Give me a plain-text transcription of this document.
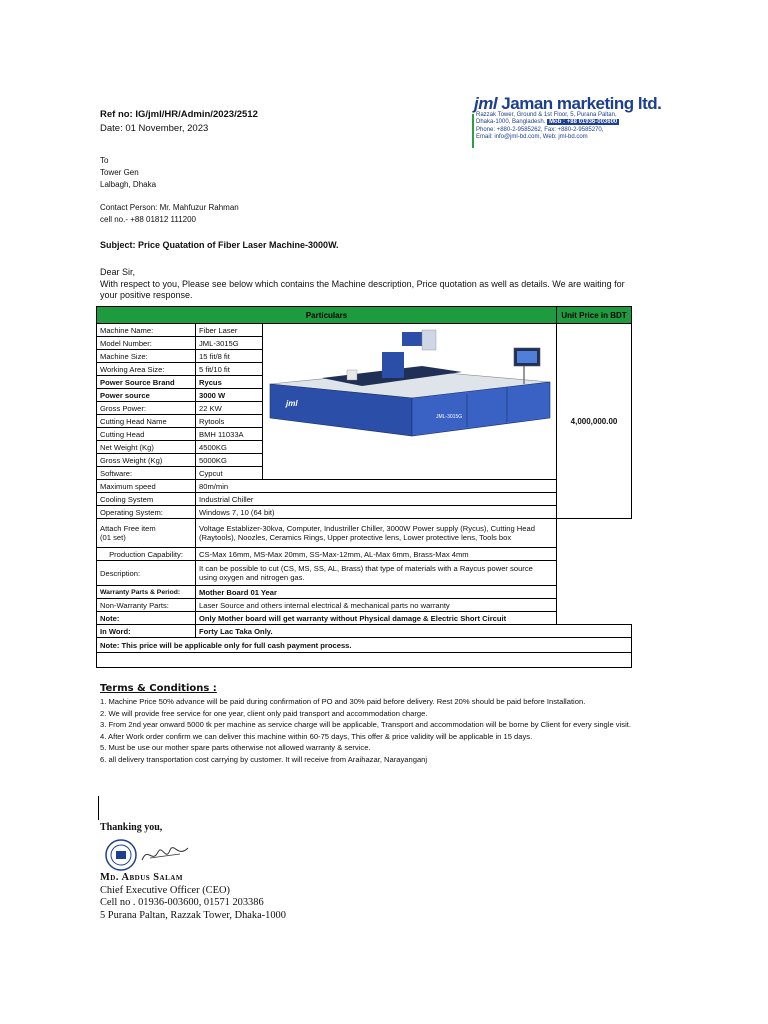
Ref no: IG/jml/HR/Admin/2023/2512
Date: 01 November, 2023
jml Jaman marketing ltd.
Razzak Tower, Ground & 1st Floor, 5, Purana Paltan,
Dhaka-1000, Bangladesh. Mob : +88 01936-003600
Phone: +880-2-9585262, Fax: +880-2-9585270,
Email: info@jml-bd.com, Web: jml-bd.com
To
Tower Gen
Lalbagh, Dhaka
Contact Person: Mr. Mahfuzur Rahman
cell no.- +88 01812 111200
Subject: Price Quatation of Fiber Laser Machine-3000W.
Dear Sir,
With respect to you, Please see below which contains the Machine description, Price quotation as well as details. We are waiting for your positive response.
Particulars			Unit Price in BDT
Machine Name:	Fiber Laser		4,000,000.00
Model Number:	JML-3015G		
Machine Size:	15 fit/8 fit		
Working Area Size:	5 fit/10 fit		
Power Source Brand	Rycus		
Power source	3000 W		
Gross Power:	22 KW		
Cutting Head Name	Rytools		
Cutting Head	BMH 11033A		
Net Weight (Kg)	4500KG		
Gross Weight (Kg)	5000KG		
Software:	Cypcut		
Maximum speed	80m/min		
Cooling System	Industrial Chiller		
Operating System:	Windows 7, 10 (64 bit)		
Attach Free item
(01 set)	Voltage Establizer-30kva, Computer, Industriller Chiller, 3000W Power supply (Rycus), Cutting Head (Raytools), Noozles, Ceramics Rings, Upper protective lens, Lower protective lens, Tools box		
Production Capability:	CS-Max 16mm, MS-Max 20mm, SS-Max-12mm, AL-Max 6mm, Brass-Max 4mm		
Description:	It can be possible to cut (CS, MS, SS, AL, Brass) that type of materials with a Raycus power source using oxygen and nitrogen gas.		
Warranty Parts & Period:	Mother Board 01 Year		
Non-Warranty Parts:	Laser Source and others internal electrical & mechanical parts no warranty		
Note:	Only Mother board will get warranty without Physical damage & Electric Short Circuit		
In Word:	Forty Lac Taka Only.		
Note: This price will be applicable only for full cash payment process.			

jml
JML-3015G
Terms & Conditions :

1. Machine Price 50% advance will be paid during confirmation of PO and 30% paid before delivery. Rest 20% should be paid before Installation.

2. We will provide free service for one year, client only paid transport and accommodation charge.

3. From 2nd year onward 5000 tk per machine as service charge will be applicable, Transport and accommodation will be borne by Client for every single visit.

4. After Work order confirm we can deliver this machine within 60-75 days, This offer & price validity will be applicable in 15 days.

5. Must be use our mother spare parts otherwise not allowed warranty & service.

6. all delivery transportation cost carrying by customer. It will receive from Araihazar, Narayanganj

Thanking you,
Md. Abdus Salam
Chief Executive Officer (CEO)
Cell no . 01936-003600, 01571 203386
5 Purana Paltan, Razzak Tower, Dhaka-1000
